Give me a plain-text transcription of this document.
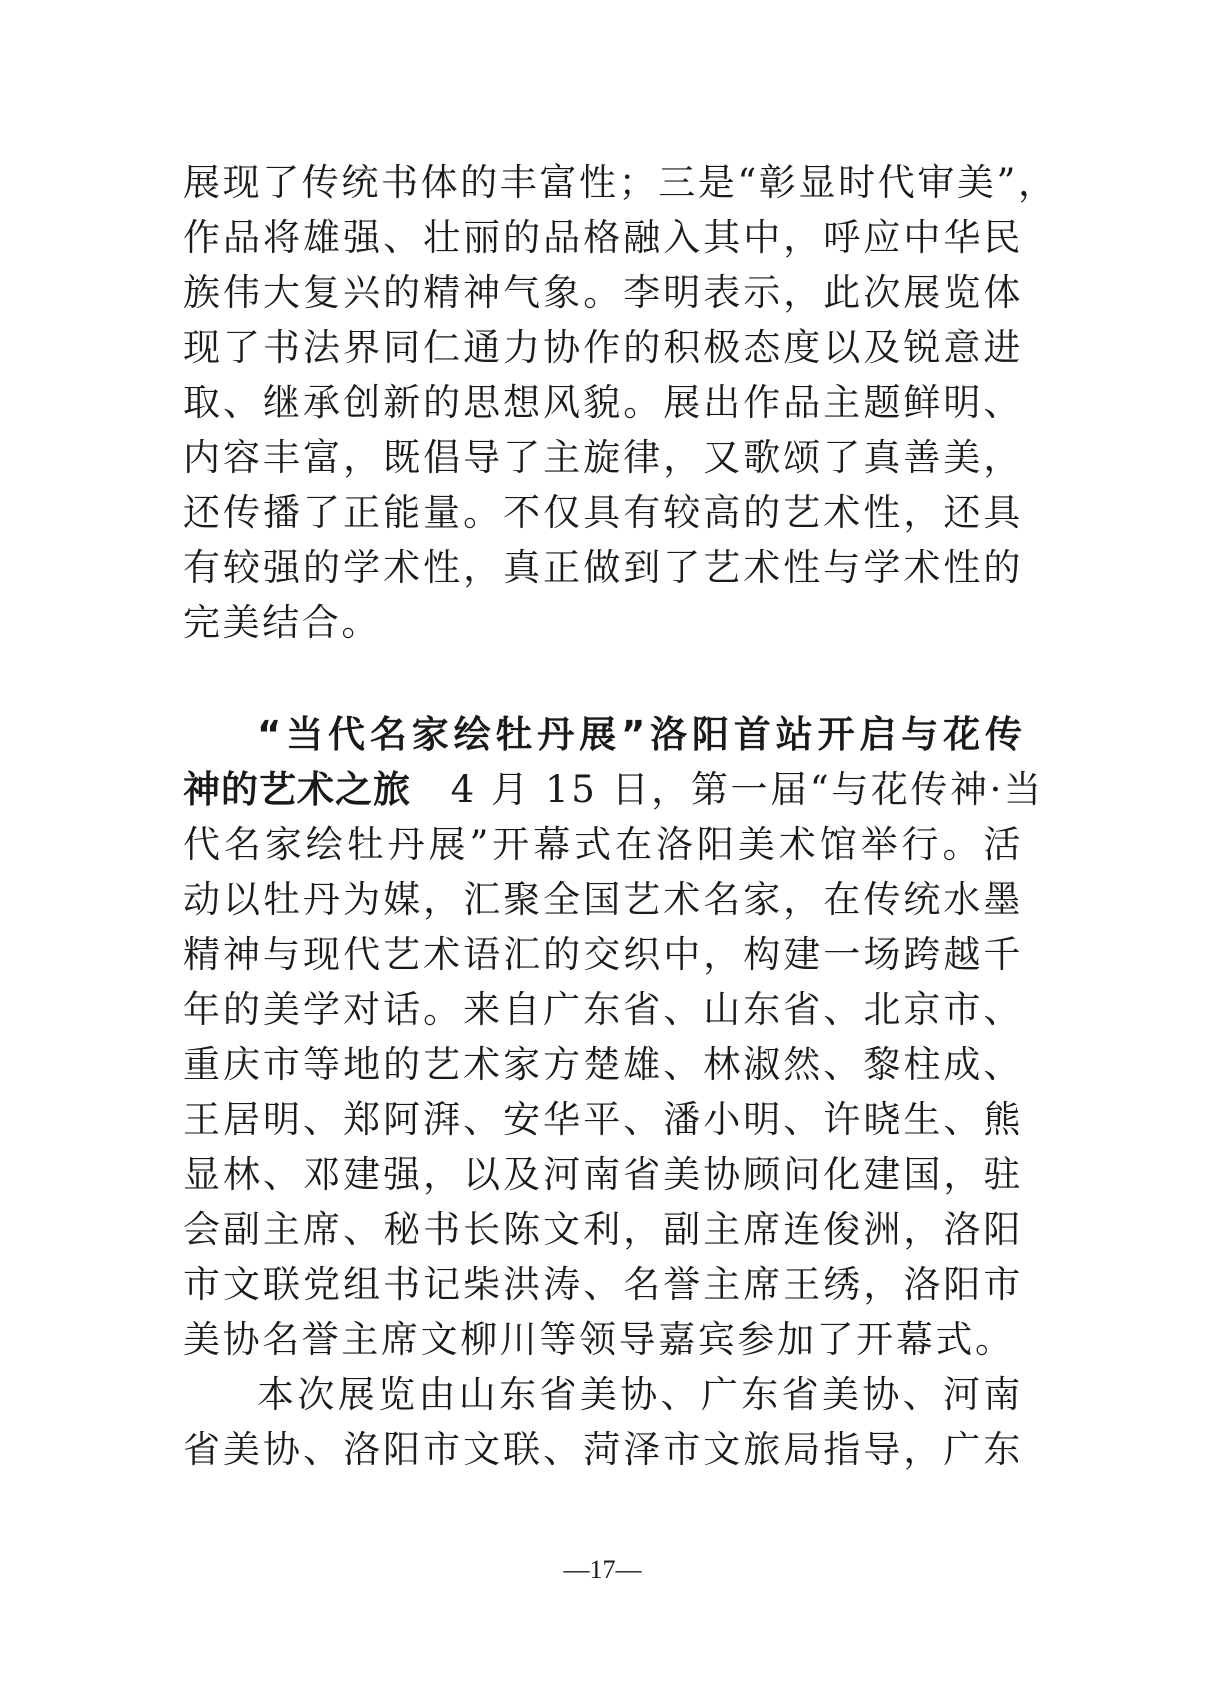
展现了传统书体的丰富性；三是“彰显时代审美”，
作品将雄强、壮丽的品格融入其中，呼应中华民
族伟大复兴的精神气象。李明表示，此次展览体
现了书法界同仁通力协作的积极态度以及锐意进
取、继承创新的思想风貌。展出作品主题鲜明、
内容丰富，既倡导了主旋律，又歌颂了真善美，
还传播了正能量。不仅具有较高的艺术性，还具
有较强的学术性，真正做到了艺术性与学术性的
完美结合。
“当代名家绘牡丹展”洛阳首站开启与花传
神的艺术之旅　4 月 15 日，第一届“与花传神·当
代名家绘牡丹展”开幕式在洛阳美术馆举行。活
动以牡丹为媒，汇聚全国艺术名家，在传统水墨
精神与现代艺术语汇的交织中，构建一场跨越千
年的美学对话。来自广东省、山东省、北京市、
重庆市等地的艺术家方楚雄、林淑然、黎柱成、
王居明、郑阿湃、安华平、潘小明、许晓生、熊
显林、邓建强，以及河南省美协顾问化建国，驻
会副主席、秘书长陈文利，副主席连俊洲，洛阳
市文联党组书记柴洪涛、名誉主席王绣，洛阳市
美协名誉主席文柳川等领导嘉宾参加了开幕式。
本次展览由山东省美协、广东省美协、河南
省美协、洛阳市文联、菏泽市文旅局指导，广东
—17—
